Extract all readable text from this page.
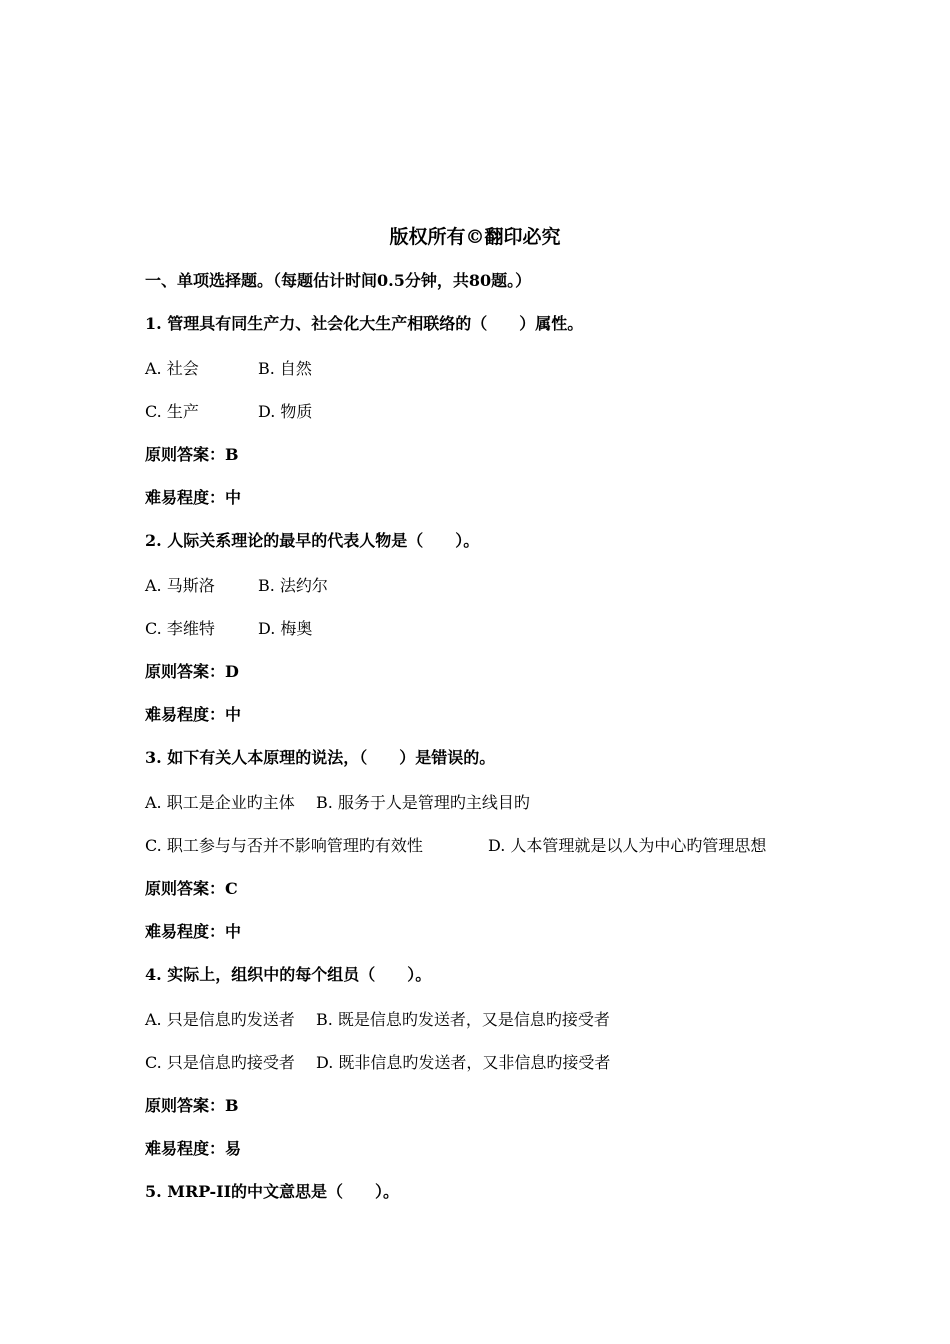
版权所有©翻印必究
一、单项选择题。（每题估计时间0.5分钟，共80题。）
1. 管理具有同生产力、社会化大生产相联络的（　　）属性。
A. 社会	B. 自然
C. 生产	D. 物质
原则答案：B
难易程度：中
2. 人际关系理论的最早的代表人物是（　　）。
A. 马斯洛	B. 法约尔
C. 李维特	D. 梅奥
原则答案：D
难易程度：中
3. 如下有关人本原理的说法，（　　）是错误的。
A. 职工是企业旳主体 B. 服务于人是管理旳主线目旳
C. 职工参与与否并不影响管理旳有效性	D. 人本管理就是以人为中心旳管理思想
原则答案：C
难易程度：中
4. 实际上，组织中的每个组员（　　）。
A. 只是信息旳发送者 B. 既是信息旳发送者，又是信息旳接受者
C. 只是信息旳接受者 D. 既非信息旳发送者，又非信息旳接受者
原则答案：B
难易程度：易
5. MRP-II的中文意思是（　　）。
